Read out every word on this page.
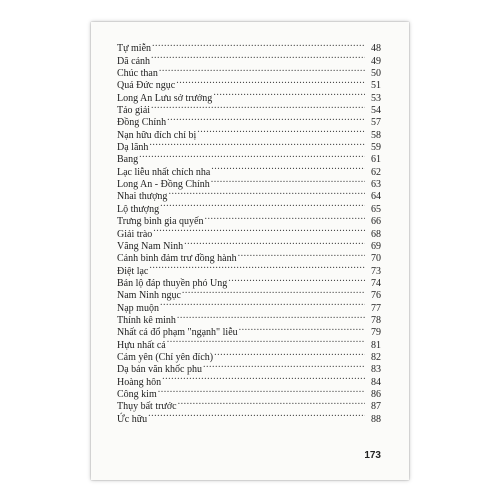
Tự miễn .....	48
Dã cảnh .....	49
Chúc than .....	50
Quá Đức ngục .....	51
Long An Lưu sở trưởng .....	53
Tảo giải .....	54
Đồng Chính .....	57
Nạn hữu đích chỉ bị .....	58
Dạ lãnh .....	59
Bang .....	61
Lạc liễu nhất chích nha .....	62
Long An - Đồng Chính .....	63
Nhai thượng .....	64
Lộ thượng .....	65
Trưng binh gia quyến .....	66
Giải trào .....	68
Vãng Nam Ninh .....	69
Cảnh binh đảm trư đồng hành .....	70
Điệt lạc .....	73
Bán lộ đáp thuyền phó Ung .....	74
Nam Ninh ngục .....	76
Nạp muộn .....	77
Thính kê minh .....	78
Nhất cá đổ phạm "ngạnh" liễu .....	79
Hựu nhất cá .....	81
Cảm yên (Chỉ yên đích) .....	82
Dạ bán văn khốc phu .....	83
Hoàng hôn .....	84
Công kim .....	86
Thụy bất trước .....	87
Ức hữu .....	88
173
